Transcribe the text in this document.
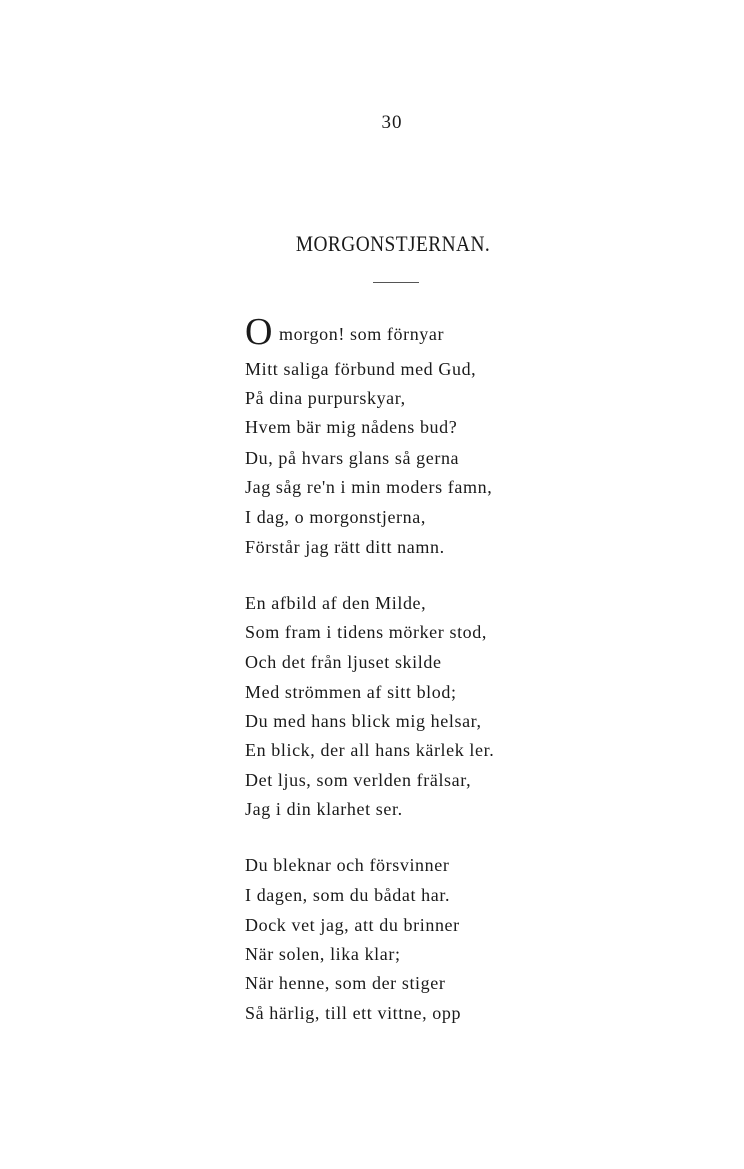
30
MORGONSTJERNAN.
Omorgon! som förnyar
Mitt saliga förbund med Gud,
På dina purpurskyar,
Hvem bär mig nådens bud?
Du, på hvars glans så gerna
Jag såg re'n i min moders famn,
I dag, o morgonstjerna,
Förstår jag rätt ditt namn.
En afbild af den Milde,
Som fram i tidens mörker stod,
Och det från ljuset skilde
Med strömmen af sitt blod;
Du med hans blick mig helsar,
En blick, der all hans kärlek ler.
Det ljus, som verlden frälsar,
Jag i din klarhet ser.
Du bleknar och försvinner
I dagen, som du bådat har.
Dock vet jag, att du brinner
När solen, lika klar;
När henne, som der stiger
Så härlig, till ett vittne, opp
